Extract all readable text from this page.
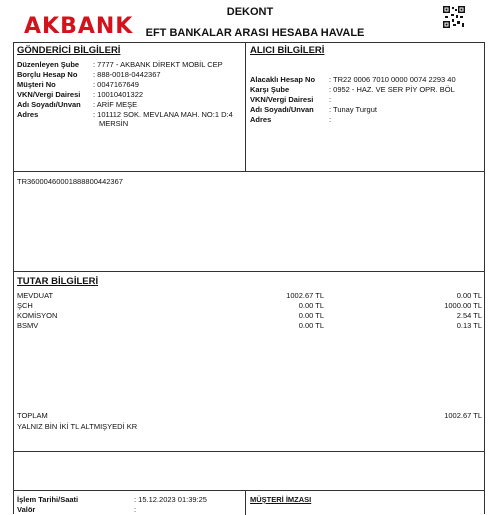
AKBANK
DEKONT
EFT BANKALAR ARASI HESABA HAVALE
GÖNDERİCİ BİLGİLERİ
Düzenleyen Şube : 7777 - AKBANK DİREKT MOBİL CEP
Borçlu Hesap No : 888-0018-0442367
Müşteri No	: 0047167649
VKN/Vergi Dairesi : 10010401322
Adı Soyadı/Unvan : ARİF MEŞE
Adres	: 101112 SOK. MEVLANA MAH. NO:1 D:4
MERSİN
ALICI BİLGİLERİ
Alacaklı Hesap No : TR22 0006 7010 0000 0074 2293 40
Karşı Şube	: 0952 - HAZ. VE SER PİY OPR. BÖL
VKN/Vergi Dairesi :
Adı Soyadı/Unvan : Tunay Turgut
Adres	:
TR36000460001888800442367
TUTAR BİLGİLERİ
MEVDUAT	1002.67 TL	0.00 TL
ŞCH	0.00 TL	1000.00 TL
KOMİSYON	0.00 TL	2.54 TL
BSMV	0.00 TL	0.13 TL
TOPLAM	1002.67 TL
YALNIZ BİN İKİ TL ALTMIŞYEDİ KR
İşlem Tarihi/Saati	: 15.12.2023 01:39:25
Valör	:
MÜŞTERİ İMZASI
